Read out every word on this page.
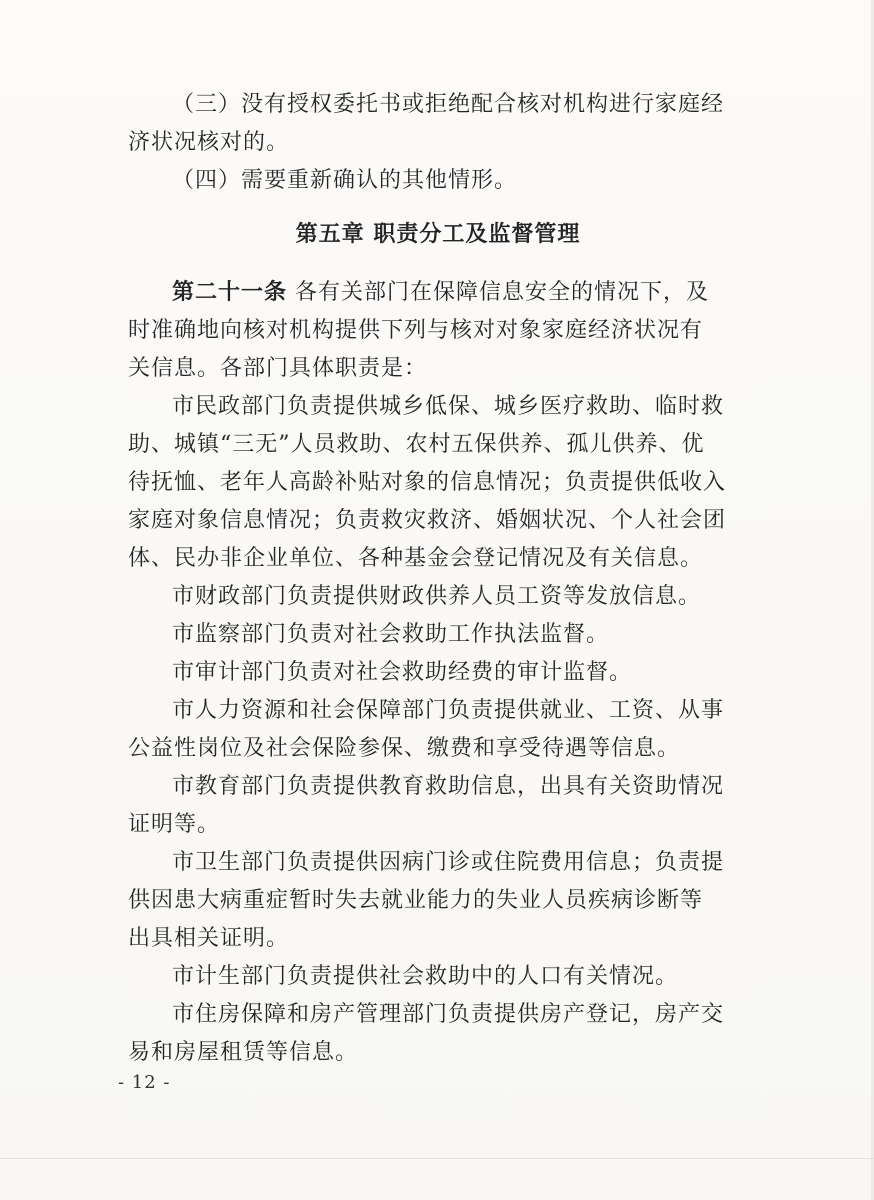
（三）没有授权委托书或拒绝配合核对机构进行家庭经

济状况核对的。

（四）需要重新确认的其他情形。

第五章 职责分工及监督管理

第二十一条 各有关部门在保障信息安全的情况下，及

时准确地向核对机构提供下列与核对对象家庭经济状况有

关信息。各部门具体职责是：

市民政部门负责提供城乡低保、城乡医疗救助、临时救

助、城镇“三无”人员救助、农村五保供养、孤儿供养、优

待抚恤、老年人高龄补贴对象的信息情况；负责提供低收入

家庭对象信息情况；负责救灾救济、婚姻状况、个人社会团

体、民办非企业单位、各种基金会登记情况及有关信息。

市财政部门负责提供财政供养人员工资等发放信息。

市监察部门负责对社会救助工作执法监督。

市审计部门负责对社会救助经费的审计监督。

市人力资源和社会保障部门负责提供就业、工资、从事

公益性岗位及社会保险参保、缴费和享受待遇等信息。

市教育部门负责提供教育救助信息，出具有关资助情况

证明等。

市卫生部门负责提供因病门诊或住院费用信息；负责提

供因患大病重症暂时失去就业能力的失业人员疾病诊断等

出具相关证明。

市计生部门负责提供社会救助中的人口有关情况。

市住房保障和房产管理部门负责提供房产登记，房产交

易和房屋租赁等信息。

- 12 -
